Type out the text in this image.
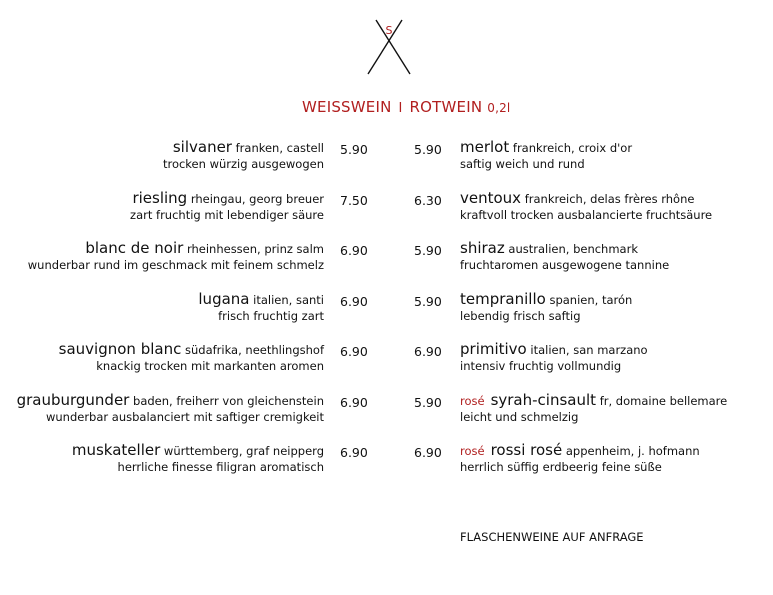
S
WEISSWEIN I ROTWEIN 0,2l
silvaner franken, castell
trocken würzig ausgewogen
riesling rheingau, georg breuer
zart fruchtig mit lebendiger säure
blanc de noir rheinhessen, prinz salm
wunderbar rund im geschmack mit feinem schmelz
lugana italien, santi
frisch fruchtig zart
sauvignon blanc südafrika, neethlingshof
knackig trocken mit markanten aromen
grauburgunder baden, freiherr von gleichenstein
wunderbar ausbalanciert mit saftiger cremigkeit
muskateller württemberg, graf neipperg
herrliche finesse filigran aromatisch
5.90
7.50
6.90
6.90
6.90
6.90
6.90
5.90
6.30
5.90
5.90
6.90
5.90
6.90
merlot frankreich, croix d'or
saftig weich und rund
ventoux frankreich, delas frères rhône
kraftvoll trocken ausbalancierte fruchtsäure
shiraz australien, benchmark
fruchtaromen ausgewogene tannine
tempranillo spanien, tarón
lebendig frisch saftig
primitivo italien, san marzano
intensiv fruchtig vollmundig
rosé syrah-cinsault fr, domaine bellemare
leicht und schmelzig
rosé rossi rosé appenheim, j. hofmann
herrlich süffig erdbeerig feine süße
FLASCHENWEINE AUF ANFRAGE
